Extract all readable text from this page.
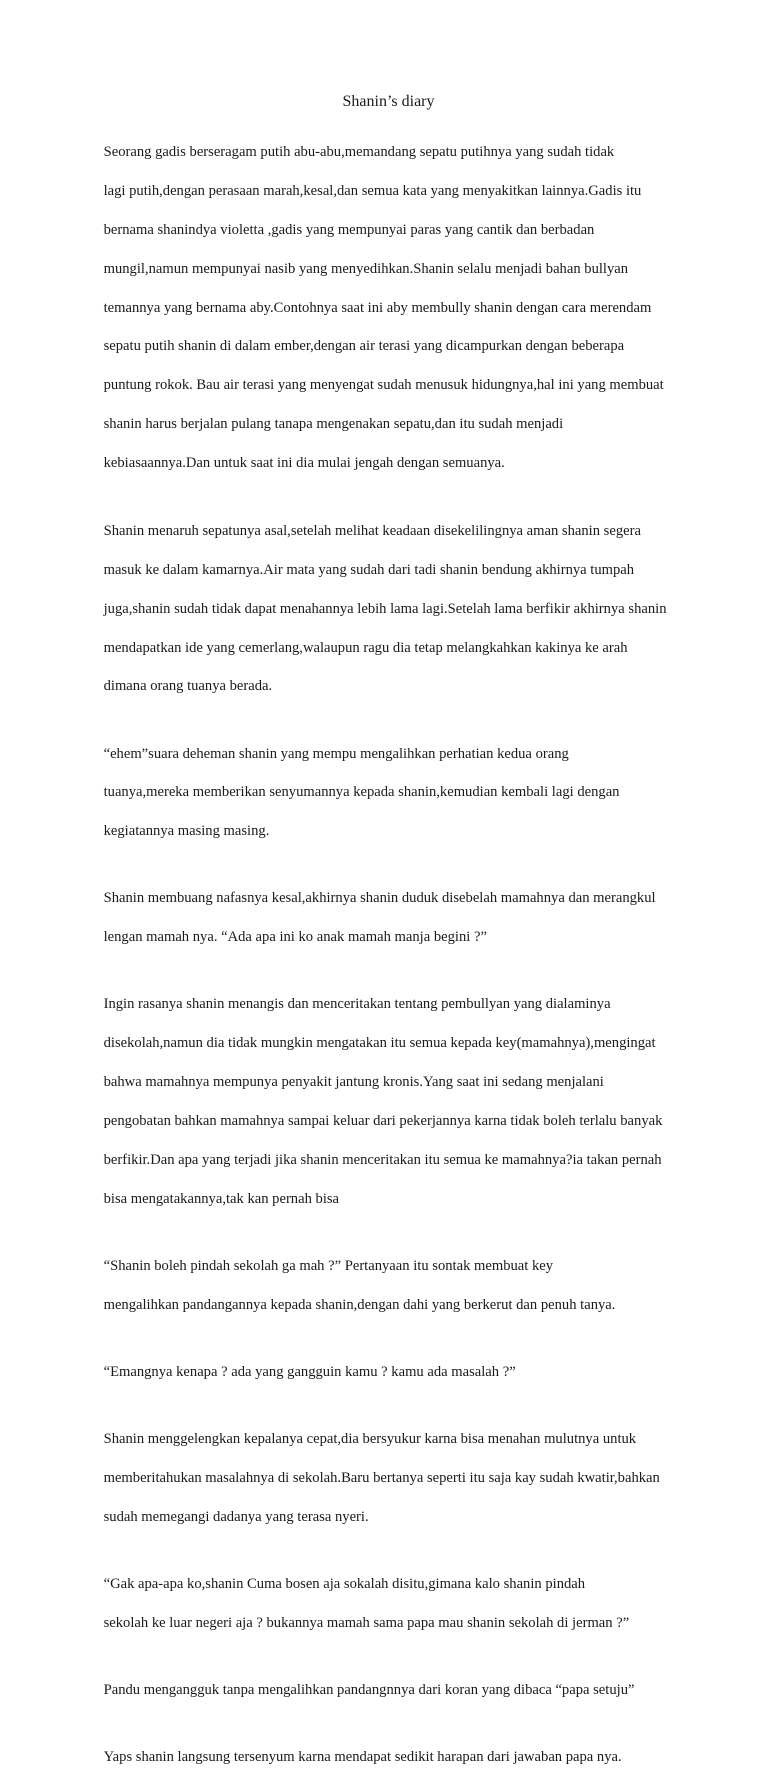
Shanin’s diary

Seorang gadis berseragam putih abu-abu,memandang sepatu putihnya yang sudah tidak

lagi putih,dengan perasaan marah,kesal,dan semua kata yang menyakitkan lainnya.Gadis itu

bernama shanindya violetta ,gadis yang mempunyai paras yang cantik dan berbadan

mungil,namun mempunyai nasib yang menyedihkan.Shanin selalu menjadi bahan bullyan

temannya yang bernama aby.Contohnya saat ini aby membully shanin dengan cara merendam

sepatu putih shanin di dalam ember,dengan air terasi yang dicampurkan dengan beberapa

puntung rokok. Bau air terasi yang menyengat sudah menusuk hidungnya,hal ini yang membuat

shanin harus berjalan pulang tanapa mengenakan sepatu,dan itu sudah menjadi

kebiasaannya.Dan untuk saat ini dia mulai jengah dengan semuanya.

Shanin menaruh sepatunya asal,setelah melihat keadaan disekelilingnya aman shanin segera

masuk ke dalam kamarnya.Air mata yang sudah dari tadi shanin bendung akhirnya tumpah

juga,shanin sudah tidak dapat menahannya lebih lama lagi.Setelah lama berfikir akhirnya shanin

mendapatkan ide yang cemerlang,walaupun ragu dia tetap melangkahkan kakinya ke arah

dimana orang tuanya berada.

“ehem”suara deheman shanin yang mempu mengalihkan perhatian kedua orang

tuanya,mereka memberikan senyumannya kepada shanin,kemudian kembali lagi dengan

kegiatannya masing masing.

Shanin membuang nafasnya kesal,akhirnya shanin duduk disebelah mamahnya dan merangkul

lengan mamah nya. “Ada apa ini ko anak mamah manja begini ?”

Ingin rasanya shanin menangis dan menceritakan tentang pembullyan yang dialaminya

disekolah,namun dia tidak mungkin mengatakan itu semua kepada key(mamahnya),mengingat

bahwa mamahnya mempunya penyakit jantung kronis.Yang saat ini sedang menjalani

pengobatan bahkan mamahnya sampai keluar dari pekerjannya karna tidak boleh terlalu banyak

berfikir.Dan apa yang terjadi jika shanin menceritakan itu semua ke mamahnya?ia takan pernah

bisa mengatakannya,tak kan pernah bisa

“Shanin boleh pindah sekolah ga mah ?” Pertanyaan itu sontak membuat key

mengalihkan pandangannya kepada shanin,dengan dahi yang berkerut dan penuh tanya.

“Emangnya kenapa ? ada yang gangguin kamu ? kamu ada masalah ?”

Shanin menggelengkan kepalanya cepat,dia bersyukur karna bisa menahan mulutnya untuk

memberitahukan masalahnya di sekolah.Baru bertanya seperti itu saja kay sudah kwatir,bahkan

sudah memegangi dadanya yang terasa nyeri.

“Gak apa-apa ko,shanin Cuma bosen aja sokalah disitu,gimana kalo shanin pindah

sekolah ke luar negeri aja ? bukannya mamah sama papa mau shanin sekolah di jerman ?”

Pandu mengangguk tanpa mengalihkan pandangnnya dari koran yang dibaca “papa setuju”

Yaps shanin langsung tersenyum karna mendapat sedikit harapan dari jawaban papa nya.
